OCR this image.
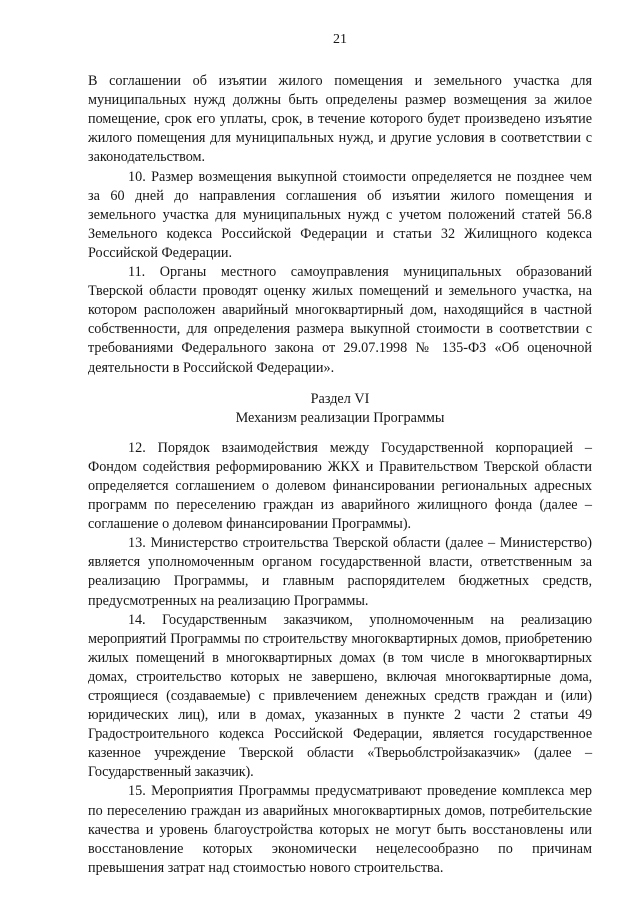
21

В соглашении об изъятии жилого помещения и земельного участка для муниципальных нужд должны быть определены размер возмещения за жилое помещение, срок его уплаты, срок, в течение которого будет произведено изъятие жилого помещения для муниципальных нужд, и другие условия в соответствии с законодательством.

10. Размер возмещения выкупной стоимости определяется не позднее чем за 60 дней до направления соглашения об изъятии жилого помещения и земельного участка для муниципальных нужд с учетом положений статей 56.8 Земельного кодекса Российской Федерации и статьи 32 Жилищного кодекса Российской Федерации.

11. Органы местного самоуправления муниципальных образований Тверской области проводят оценку жилых помещений и земельного участка, на котором расположен аварийный многоквартирный дом, находящийся в частной собственности, для определения размера выкупной стоимости в соответствии с требованиями Федерального закона от 29.07.1998 № 135-ФЗ «Об оценочной деятельности в Российской Федерации».

Раздел VI
Механизм реализации Программы

12. Порядок взаимодействия между Государственной корпорацией – Фондом содействия реформированию ЖКХ и Правительством Тверской области определяется соглашением о долевом финансировании региональных адресных программ по переселению граждан из аварийного жилищного фонда (далее – соглашение о долевом финансировании Программы).

13. Министерство строительства Тверской области (далее – Министерство) является уполномоченным органом государственной власти, ответственным за реализацию Программы, и главным распорядителем бюджетных средств, предусмотренных на реализацию Программы.

14. Государственным заказчиком, уполномоченным на реализацию мероприятий Программы по строительству многоквартирных домов, приобретению жилых помещений в многоквартирных домах (в том числе в многоквартирных домах, строительство которых не завершено, включая многоквартирные дома, строящиеся (создаваемые) с привлечением денежных средств граждан и (или) юридических лиц), или в домах, указанных в пункте 2 части 2 статьи 49 Градостроительного кодекса Российской Федерации, является государственное казенное учреждение Тверской области «Тверьоблстройзаказчик» (далее – Государственный заказчик).

15. Мероприятия Программы предусматривают проведение комплекса мер по переселению граждан из аварийных многоквартирных домов, потребительские качества и уровень благоустройства которых не могут быть восстановлены или восстановление которых экономически нецелесообразно по причинам превышения затрат над стоимостью нового строительства.
